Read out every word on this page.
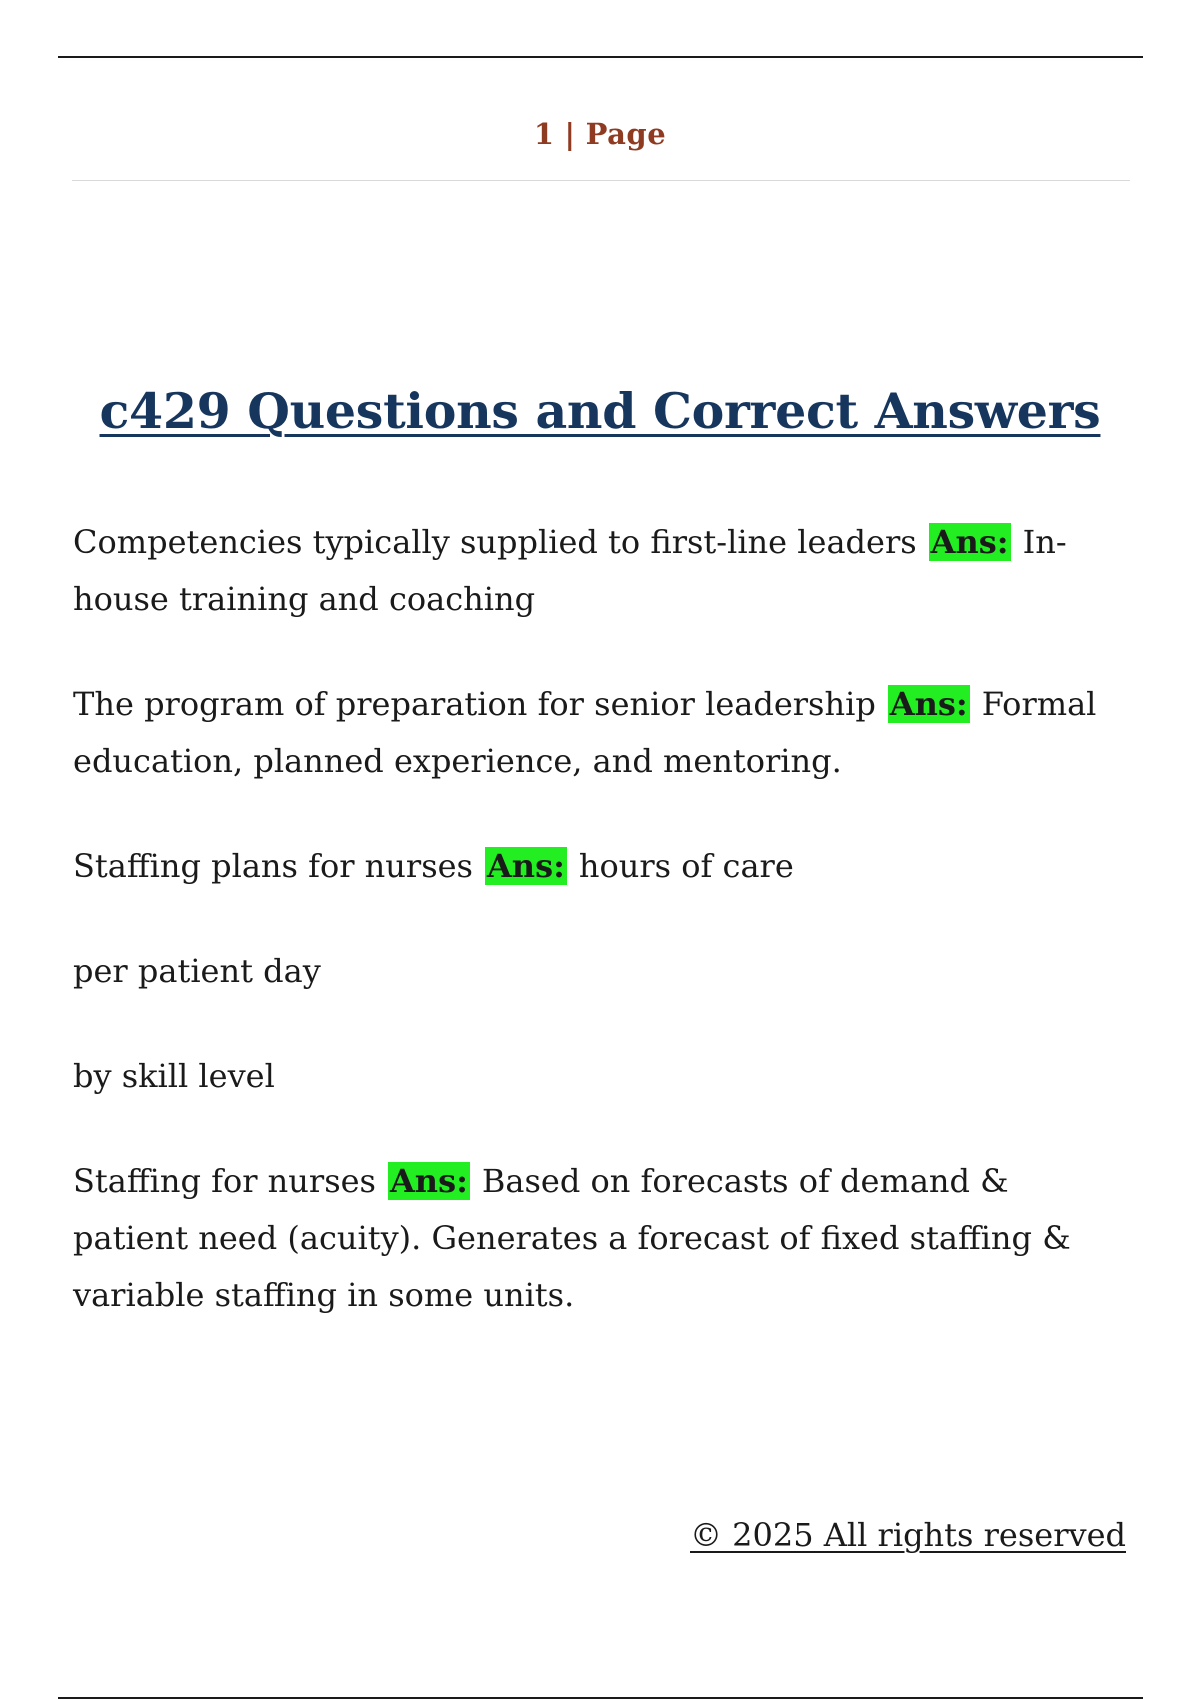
1 | Page
c429 Questions and Correct Answers

Competencies typically supplied to first-line leaders Ans: In-house training and coaching

The program of preparation for senior leadership Ans: Formal education, planned experience, and mentoring.

Staffing plans for nurses Ans: hours of care

per patient day

by skill level

Staffing for nurses Ans: Based on forecasts of demand & patient need (acuity). Generates a forecast of fixed staffing & variable staffing in some units.

© 2025 All rights reserved
